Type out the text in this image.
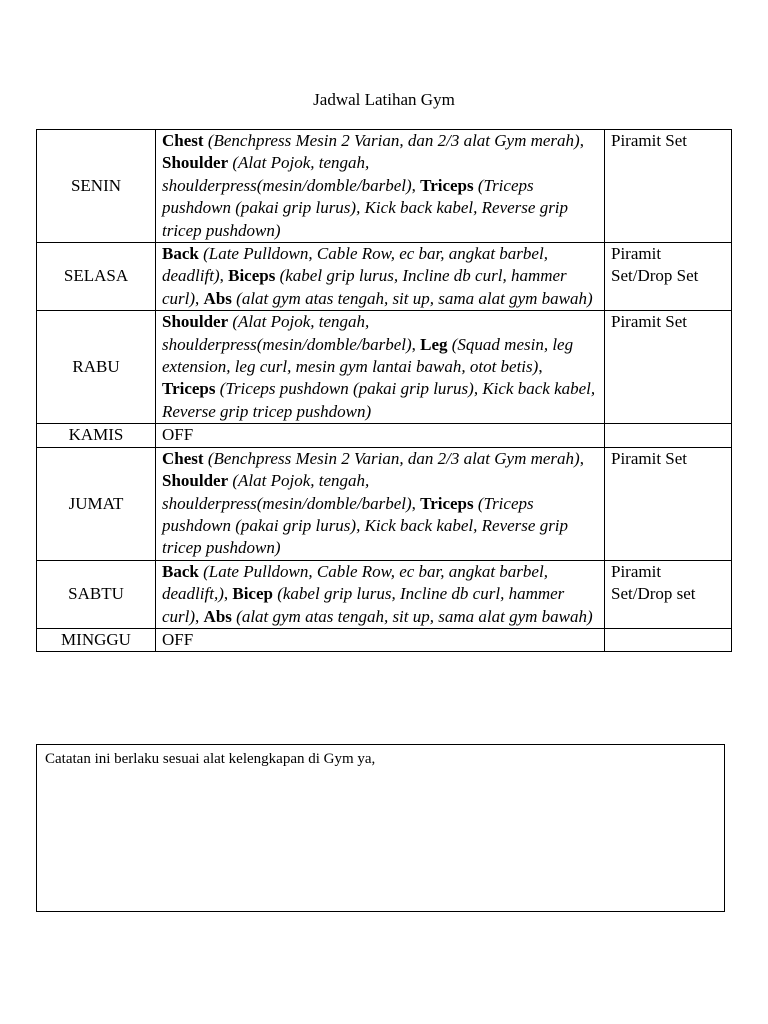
Jadwal Latihan Gym
SENIN	Chest (Benchpress Mesin 2 Varian, dan 2/3 alat Gym merah), Shoulder (Alat Pojok, tengah, shoulderpress(mesin/domble/barbel), Triceps (Triceps pushdown (pakai grip lurus), Kick back kabel, Reverse grip tricep pushdown)	Piramit Set
SELASA	Back (Late Pulldown, Cable Row, ec bar, angkat barbel, deadlift), Biceps (kabel grip lurus, Incline db curl, hammer curl), Abs (alat gym atas tengah, sit up, sama alat gym bawah)	Piramit Set/Drop Set
RABU	Shoulder (Alat Pojok, tengah, shoulderpress(mesin/domble/barbel), Leg (Squad mesin, leg extension, leg curl, mesin gym lantai bawah, otot betis), Triceps (Triceps pushdown (pakai grip lurus), Kick back kabel, Reverse grip tricep pushdown)	Piramit Set
KAMIS	OFF	
JUMAT	Chest (Benchpress Mesin 2 Varian, dan 2/3 alat Gym merah), Shoulder (Alat Pojok, tengah, shoulderpress(mesin/domble/barbel), Triceps (Triceps pushdown (pakai grip lurus), Kick back kabel, Reverse grip tricep pushdown)	Piramit Set
SABTU	Back (Late Pulldown, Cable Row, ec bar, angkat barbel, deadlift,), Bicep (kabel grip lurus, Incline db curl, hammer curl), Abs (alat gym atas tengah, sit up, sama alat gym bawah)	Piramit Set/Drop set
MINGGU	OFF	
Catatan ini berlaku sesuai alat kelengkapan di Gym ya,
